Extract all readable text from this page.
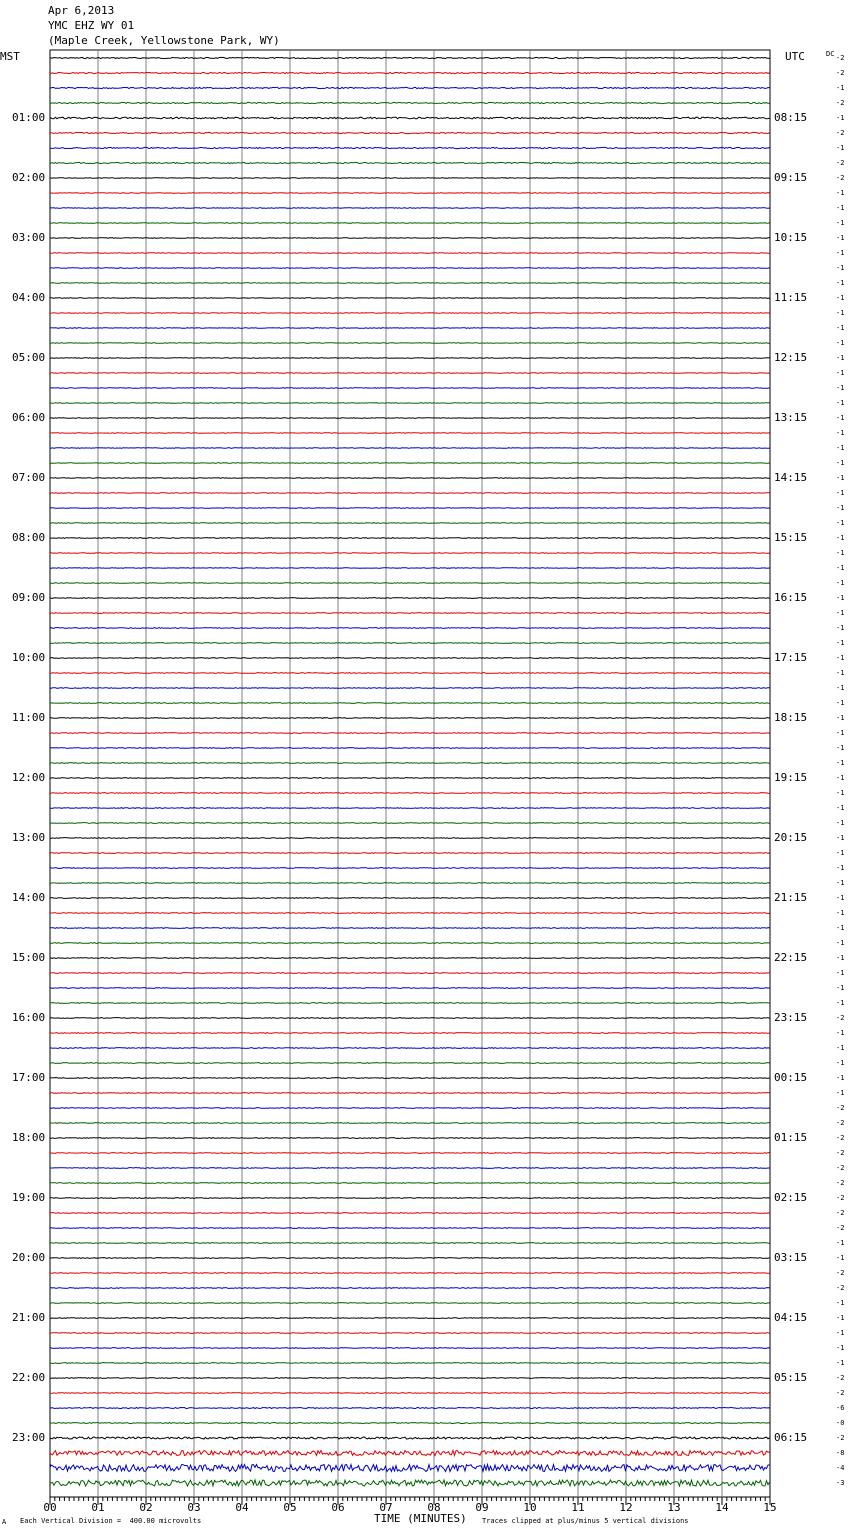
Apr 6,2013
YMC EHZ WY 01
(Maple Creek, Yellowstone Park, WY)
MST	UTC	DC
00	01	02	03	04	05	06	07	08	09	10	11	12	13	14	15
01:00
02:00
03:00
04:00
05:00
06:00
07:00
08:00
09:00
10:00
11:00
12:00
13:00
14:00
15:00
16:00
17:00
18:00
19:00
20:00
21:00
22:00
23:00
08:15
09:15
10:15
11:15
12:15
13:15
14:15
15:15
16:15
17:15
18:15
19:15
20:15
21:15
22:15
23:15
00:15
01:15
02:15
03:15
04:15
05:15
06:15
-2
-2
-1
-2
-1
-2
-1
-2
-2
-1
-1
-1
-1
-1
-1
-1
-1
-1
-1
-1
-1
-1
-1
-1
-1
-1
-1
-1
-1
-1
-1
-1
-1
-1
-1
-1
-1
-1
-1
-1
-1
-1
-1
-1
-1
-1
-1
-1
-1
-1
-1
-1
-1
-1
-1
-1
-1
-1
-1
-1
-1
-1
-1
-1
-2
-1
-1
-1
-1
-1
-2
-2
-2
-2
-2
-2
-2
-2
-2
-1
-1
-2
-2
-1
-1
-1
-1
-1
-2
-2
-6
-0
-2
-8
-4
-3
A Each Vertical Division =  400.00 microvolts	TIME (MINUTES) Traces clipped at plus/minus 5 vertical divisions
